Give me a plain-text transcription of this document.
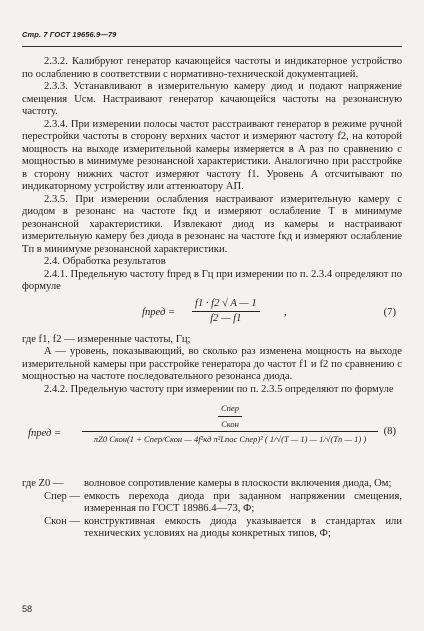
Стр. 7 ГОСТ 19656.9—79

2.3.2. Калибруют генератор качающейся частоты и индикаторное устройство по ослаблению в соответствии с нормативно-технической документацией.

2.3.3. Устанавливают в измерительную камеру диод и подают напряжение смещения Uсм. Настраивают генератор качающейся частоты на резонансную частоту.

2.3.4. При измерении полосы частот расстраивают генератор в режиме ручной перестройки частоты в сторону верхних частот и измеряют частоту f2, на которой мощность на выходе измерительной камеры измеряется в A раз по сравнению с мощностью в минимуме резонансной характеристики. Аналогично при расстройке в сторону нижних частот измеряют частоту f1. Уровень A отсчитывают по индикаторному устройству или аттенюатору АП.

2.3.5. При измерении ослабления настраивают измерительную камеру с диодом в резонанс на частоте fкд и измеряют ослабление T в минимуме резонансной характеристики. Извлекают диод из камеры и настраивают измерительную камеру без диода в резонанс на частоте fкд и измеряют ослабление Tп в минимуме резонансной характеристики.

2.4. Обработка результатов

2.4.1. Предельную частоту fпред в Гц при измерении по п. 2.3.4 определяют по формуле

fпред =
f1 · f2 √ A — 1
f2 — f1
,	(7)

где f1, f2 — измеренные частоты, Гц;

A — уровень, показывающий, во сколько раз изменена мощность на выходе измерительной камеры при расстройке генератора до частот f1 и f2 по сравнению с мощностью на частоте последовательного резонанса диода.

2.4.2. Предельную частоту при измерении по п. 2.3.5 определяют по формуле

fпред =
$\frac{\text{Cпер}}{\text{Cкон}}$
πZ0 Cкон(1 + Cпер/Cкон — 4f²кд π²Lпос Cпер)² ( 1/√(T — 1) — 1/√(Tп — 1) )
(8)
где Z0 —	волновое сопротивление камеры в плоскости включения диода, Ом;
Cпер — емкость перехода диода при заданном напряжении смещения, измеренная по ГОСТ 18986.4—73, Ф;
Cкон — конструктивная емкость диода указывается в стандартах или технических условиях на диоды конкретных типов, Ф;
58
